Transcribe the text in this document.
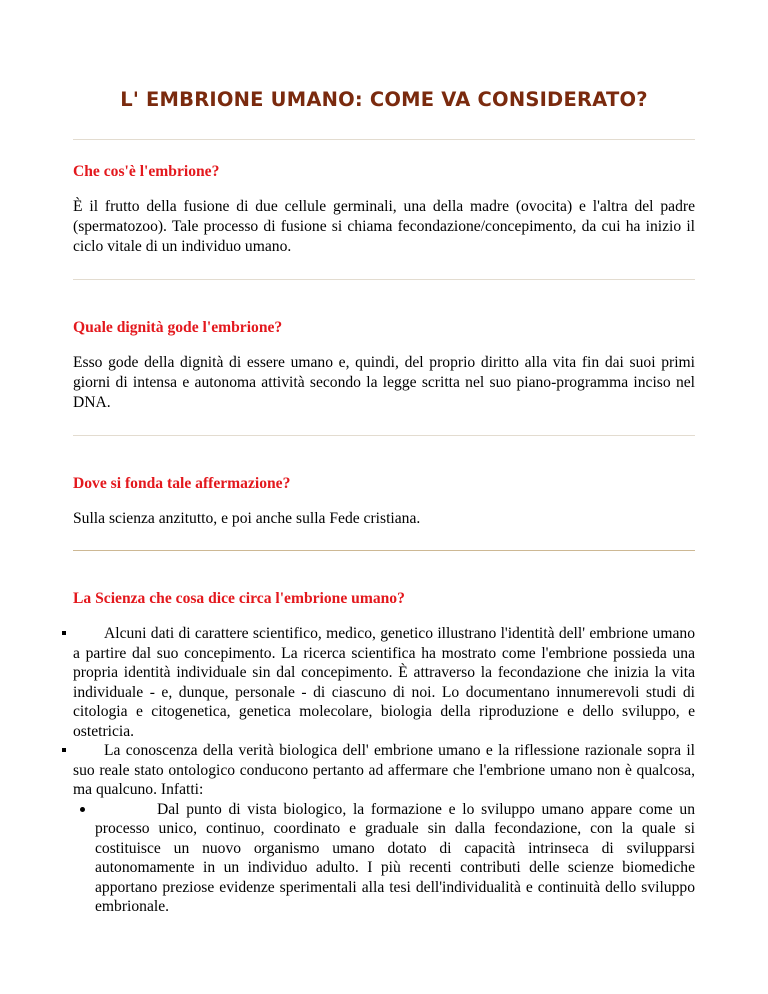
L' EMBRIONE UMANO: COME VA CONSIDERATO?

Che cos'è l'embrione?

È il frutto della fusione di due cellule germinali, una della madre (ovocita) e l'altra del padre (spermatozoo). Tale processo di fusione si chiama fecondazione/concepimento, da cui ha inizio il ciclo vitale di un individuo umano.

Quale dignità gode l'embrione?

Esso gode della dignità di essere umano e, quindi, del proprio diritto alla vita fin dai suoi primi giorni di intensa e autonoma attività secondo la legge scritta nel suo piano-programma inciso nel DNA.

Dove si fonda tale affermazione?

Sulla scienza anzitutto, e poi anche sulla Fede cristiana.

La Scienza che cosa dice circa l'embrione umano?

Alcuni dati di carattere scientifico, medico, genetico illustrano l'identità dell' embrione umano a partire dal suo concepimento. La ricerca scientifica ha mostrato come l'embrione possieda una propria identità individuale sin dal concepimento. È attraverso la fecondazione che inizia la vita individuale - e, dunque, personale - di ciascuno di noi. Lo documentano innumerevoli studi di citologia e citogenetica, genetica molecolare, biologia della riproduzione e dello sviluppo, e ostetricia.
La conoscenza della verità biologica dell' embrione umano e la riflessione razionale sopra il suo reale stato ontologico conducono pertanto ad affermare che l'embrione umano non è qualcosa, ma qualcuno. Infatti:
Dal punto di vista biologico, la formazione e lo sviluppo umano appare come un processo unico, continuo, coordinato e graduale sin dalla fecondazione, con la quale si costituisce un nuovo organismo umano dotato di capacità intrinseca di svilupparsi autonomamente in un individuo adulto. I più recenti contributi delle scienze biomediche apportano preziose evidenze sperimentali alla tesi dell'individualità e continuità dello sviluppo embrionale.
